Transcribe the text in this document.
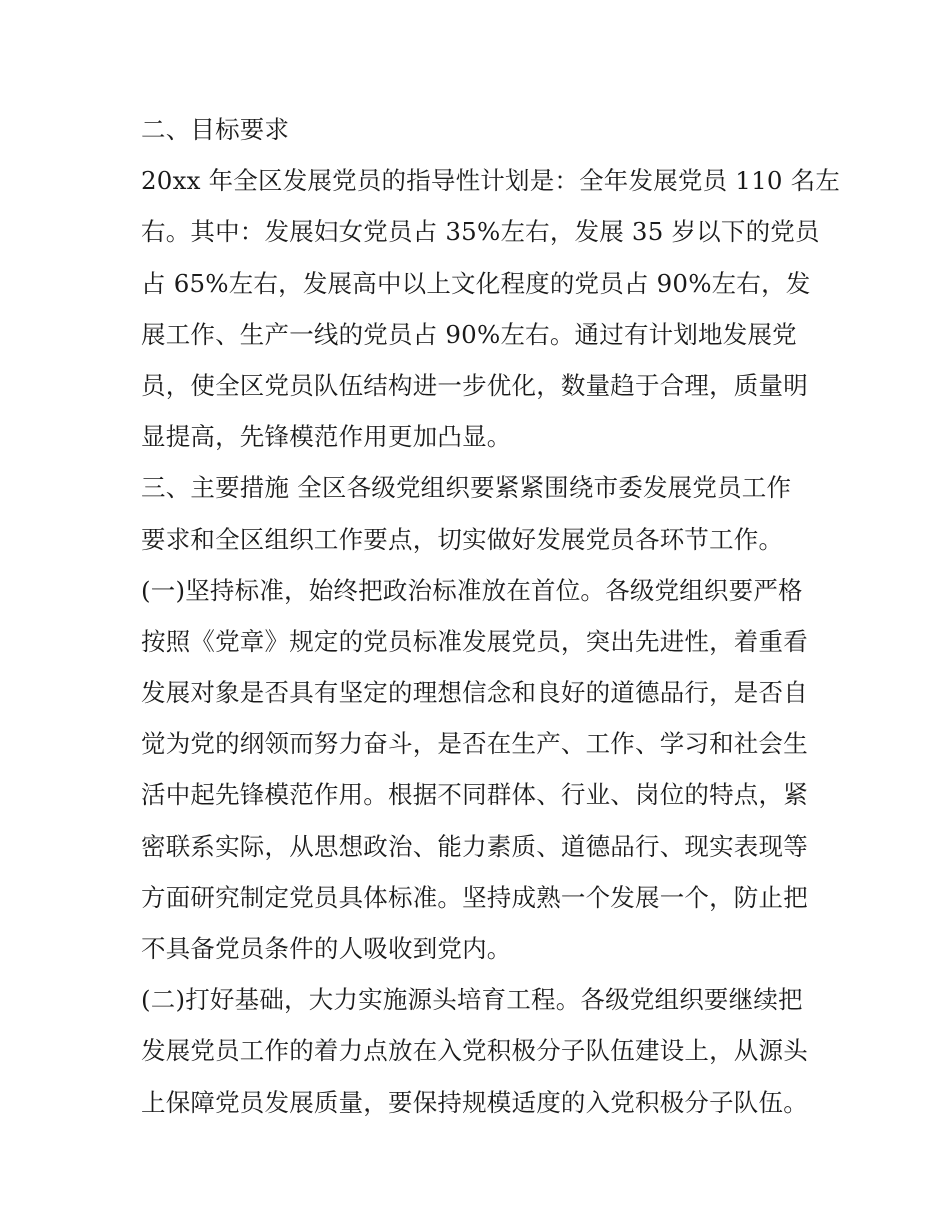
二、目标要求
20xx 年全区发展党员的指导性计划是：全年发展党员 110 名左
右。其中：发展妇女党员占 35%左右，发展 35 岁以下的党员
占 65%左右，发展高中以上文化程度的党员占 90%左右，发
展工作、生产一线的党员占 90%左右。通过有计划地发展党
员，使全区党员队伍结构进一步优化，数量趋于合理，质量明
显提高，先锋模范作用更加凸显。
三、主要措施 全区各级党组织要紧紧围绕市委发展党员工作
要求和全区组织工作要点，切实做好发展党员各环节工作。
(一)坚持标准，始终把政治标准放在首位。各级党组织要严格
按照《党章》规定的党员标准发展党员，突出先进性，着重看
发展对象是否具有坚定的理想信念和良好的道德品行，是否自
觉为党的纲领而努力奋斗，是否在生产、工作、学习和社会生
活中起先锋模范作用。根据不同群体、行业、岗位的特点，紧
密联系实际，从思想政治、能力素质、道德品行、现实表现等
方面研究制定党员具体标准。坚持成熟一个发展一个，防止把
不具备党员条件的人吸收到党内。
(二)打好基础，大力实施源头培育工程。各级党组织要继续把
发展党员工作的着力点放在入党积极分子队伍建设上，从源头
上保障党员发展质量，要保持规模适度的入党积极分子队伍。
